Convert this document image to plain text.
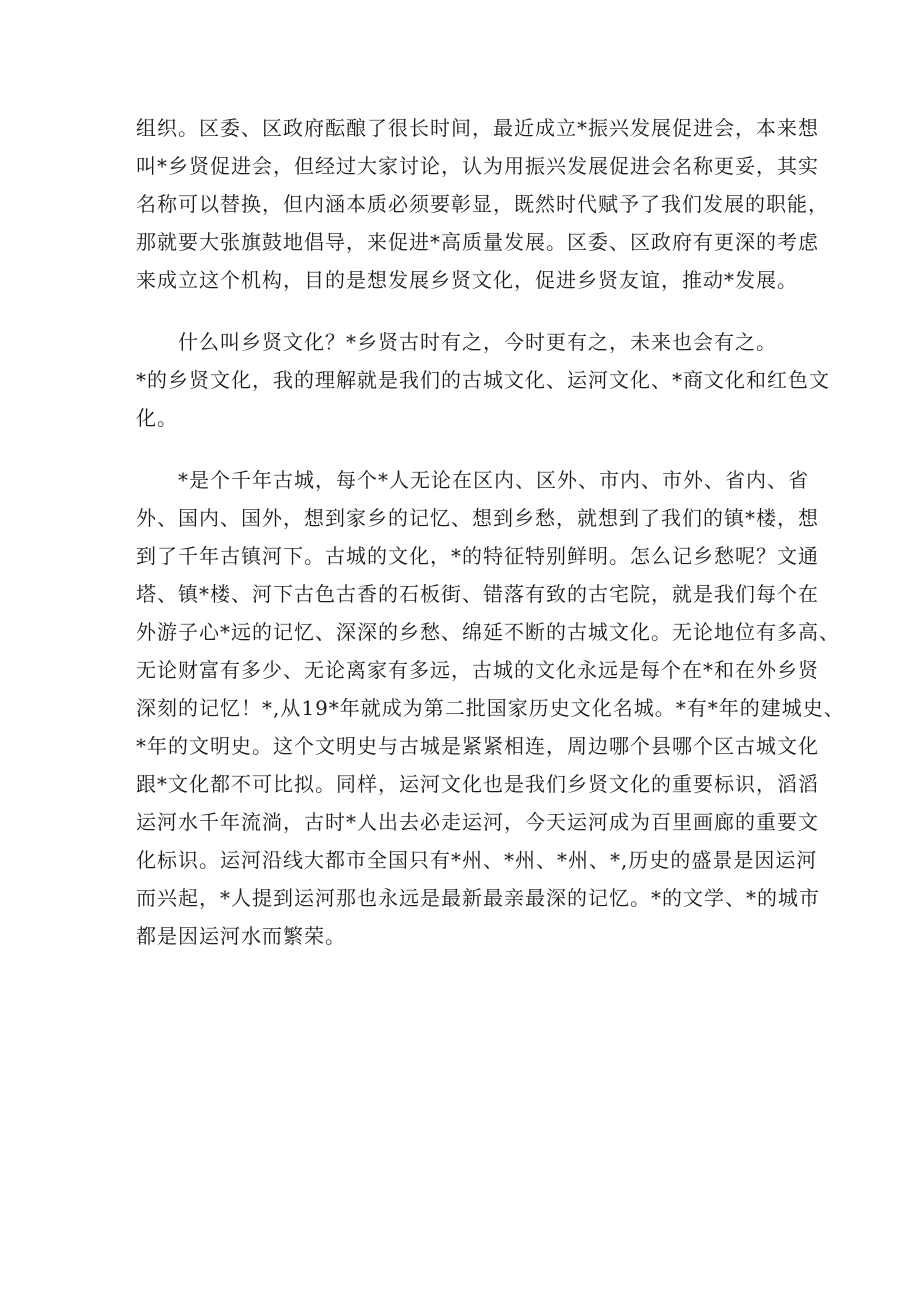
组织。区委、区政府酝酿了很长时间，最近成立*振兴发展促进会，本来想
叫*乡贤促进会，但经过大家讨论，认为用振兴发展促进会名称更妥，其实
名称可以替换，但内涵本质必须要彰显，既然时代赋予了我们发展的职能，
那就要大张旗鼓地倡导，来促进*高质量发展。区委、区政府有更深的考虑
来成立这个机构，目的是想发展乡贤文化，促进乡贤友谊，推动*发展。
　　什么叫乡贤文化？*乡贤古时有之，今时更有之，未来也会有之。
*的乡贤文化，我的理解就是我们的古城文化、运河文化、*商文化和红色文
化。
　　*是个千年古城，每个*人无论在区内、区外、市内、市外、省内、省
外、国内、国外，想到家乡的记忆、想到乡愁，就想到了我们的镇*楼，想
到了千年古镇河下。古城的文化，*的特征特别鲜明。怎么记乡愁呢？文通
塔、镇*楼、河下古色古香的石板街、错落有致的古宅院，就是我们每个在
外游子心*远的记忆、深深的乡愁、绵延不断的古城文化。无论地位有多高、
无论财富有多少、无论离家有多远，古城的文化永远是每个在*和在外乡贤
深刻的记忆！*,从19*年就成为第二批国家历史文化名城。*有*年的建城史、
*年的文明史。这个文明史与古城是紧紧相连，周边哪个县哪个区古城文化
跟*文化都不可比拟。同样，运河文化也是我们乡贤文化的重要标识，滔滔
运河水千年流淌，古时*人出去必走运河，今天运河成为百里画廊的重要文
化标识。运河沿线大都市全国只有*州、*州、*州、*,历史的盛景是因运河
而兴起，*人提到运河那也永远是最新最亲最深的记忆。*的文学、*的城市
都是因运河水而繁荣。
